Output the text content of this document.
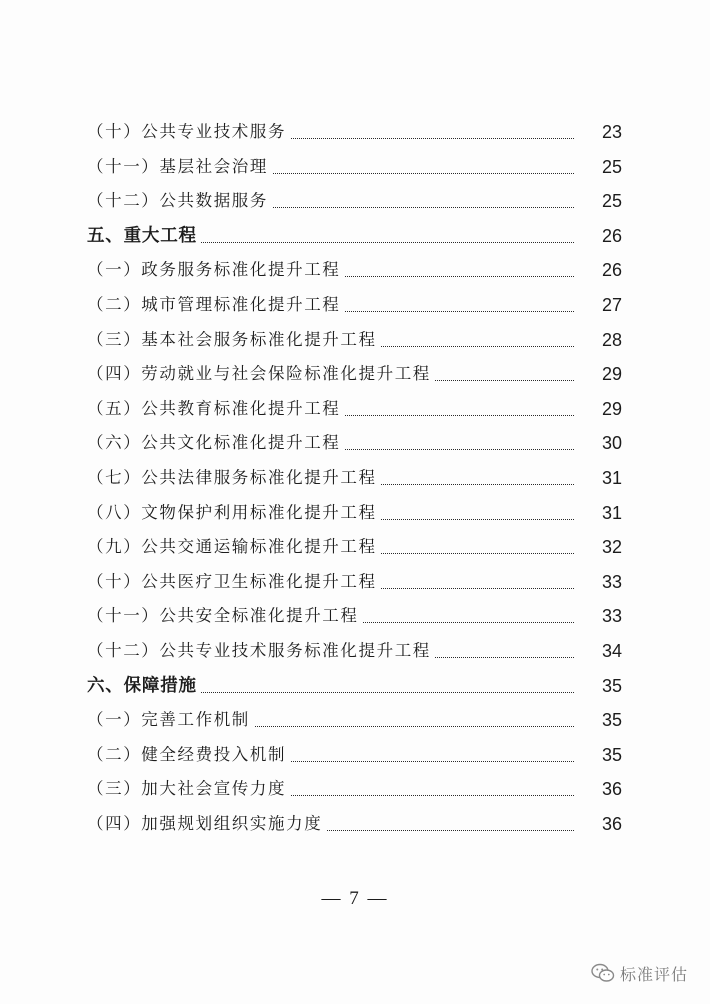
（十）公共专业技术服务	23
（十一）基层社会治理	25
（十二）公共数据服务	25
五、重大工程	26
（一）政务服务标准化提升工程	26
（二）城市管理标准化提升工程	27
（三）基本社会服务标准化提升工程	28
（四）劳动就业与社会保险标准化提升工程	29
（五）公共教育标准化提升工程	29
（六）公共文化标准化提升工程	30
（七）公共法律服务标准化提升工程	31
（八）文物保护利用标准化提升工程	31
（九）公共交通运输标准化提升工程	32
（十）公共医疗卫生标准化提升工程	33
（十一）公共安全标准化提升工程	33
（十二）公共专业技术服务标准化提升工程	34
六、保障措施	35
（一）完善工作机制	35
（二）健全经费投入机制	35
（三）加大社会宣传力度	36
（四）加强规划组织实施力度	36
— 7 —
标准评估
